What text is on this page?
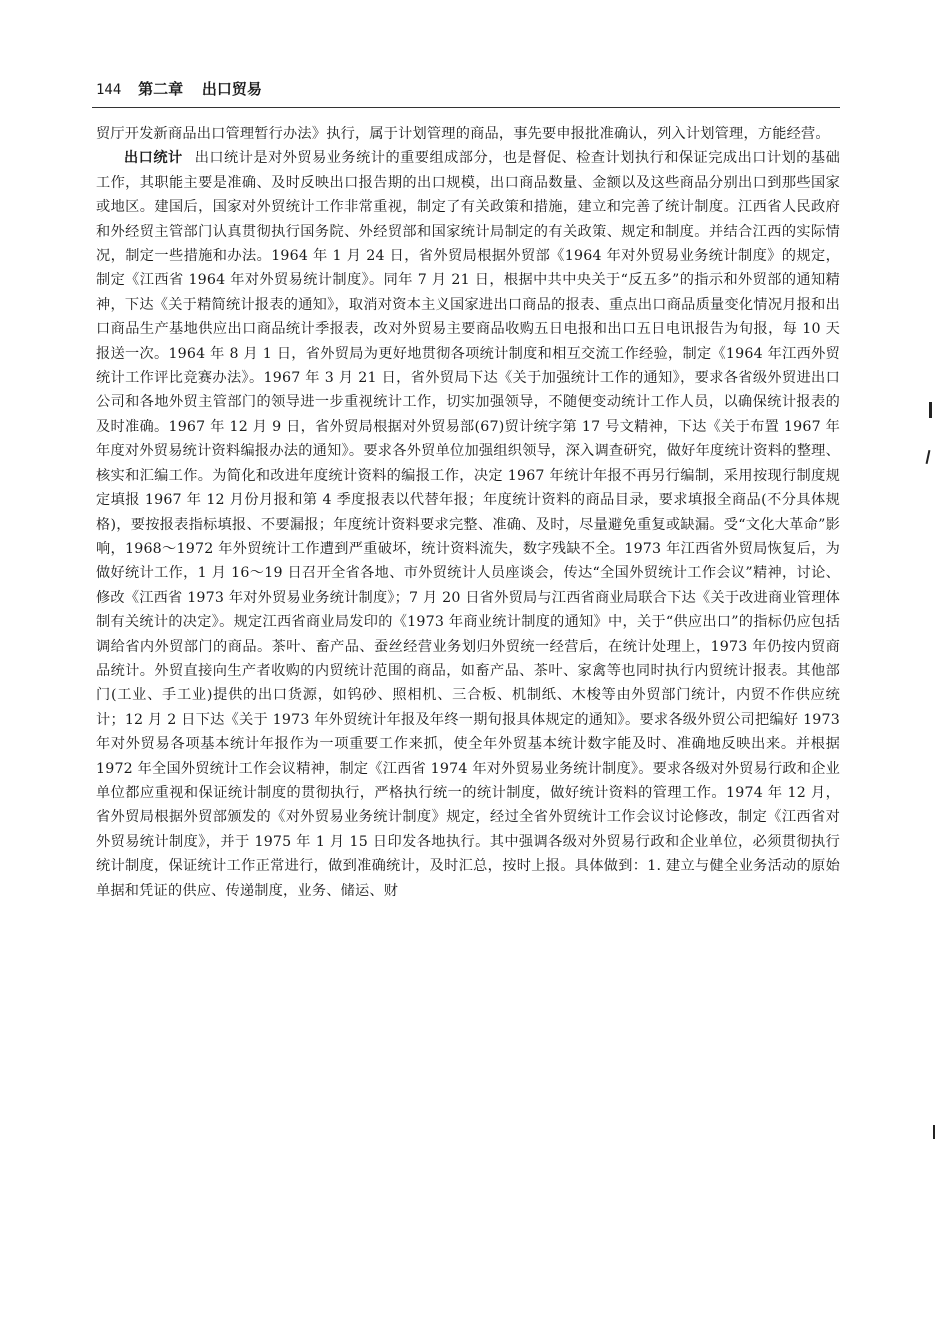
144 第二章 出口贸易

贸厅开发新商品出口管理暂行办法》执行，属于计划管理的商品，事先要申报批准确认，列入计划管理，方能经营。

出口统计 出口统计是对外贸易业务统计的重要组成部分，也是督促、检查计划执行和保证完成出口计划的基础工作，其职能主要是准确、及时反映出口报告期的出口规模，出口商品数量、金额以及这些商品分别出口到那些国家或地区。建国后，国家对外贸统计工作非常重视，制定了有关政策和措施，建立和完善了统计制度。江西省人民政府和外经贸主管部门认真贯彻执行国务院、外经贸部和国家统计局制定的有关政策、规定和制度。并结合江西的实际情况，制定一些措施和办法。1964 年 1 月 24 日，省外贸局根据外贸部《1964 年对外贸易业务统计制度》的规定，制定《江西省 1964 年对外贸易统计制度》。同年 7 月 21 日，根据中共中央关于“反五多”的指示和外贸部的通知精神，下达《关于精简统计报表的通知》，取消对资本主义国家进出口商品的报表、重点出口商品质量变化情况月报和出口商品生产基地供应出口商品统计季报表，改对外贸易主要商品收购五日电报和出口五日电讯报告为旬报，每 10 天报送一次。1964 年 8 月 1 日，省外贸局为更好地贯彻各项统计制度和相互交流工作经验，制定《1964 年江西外贸统计工作评比竞赛办法》。1967 年 3 月 21 日，省外贸局下达《关于加强统计工作的通知》，要求各省级外贸进出口公司和各地外贸主管部门的领导进一步重视统计工作，切实加强领导，不随便变动统计工作人员，以确保统计报表的及时准确。1967 年 12 月 9 日，省外贸局根据对外贸易部(67)贸计统字第 17 号文精神，下达《关于布置 1967 年年度对外贸易统计资料编报办法的通知》。要求各外贸单位加强组织领导，深入调查研究，做好年度统计资料的整理、核实和汇编工作。为简化和改进年度统计资料的编报工作，决定 1967 年统计年报不再另行编制，采用按现行制度规定填报 1967 年 12 月份月报和第 4 季度报表以代替年报；年度统计资料的商品目录，要求填报全商品(不分具体规格)，要按报表指标填报、不要漏报；年度统计资料要求完整、准确、及时，尽量避免重复或缺漏。受“文化大革命”影响，1968～1972 年外贸统计工作遭到严重破坏，统计资料流失，数字残缺不全。1973 年江西省外贸局恢复后，为做好统计工作，1 月 16～19 日召开全省各地、市外贸统计人员座谈会，传达“全国外贸统计工作会议”精神，讨论、修改《江西省 1973 年对外贸易业务统计制度》；7 月 20 日省外贸局与江西省商业局联合下达《关于改进商业管理体制有关统计的决定》。规定江西省商业局发印的《1973 年商业统计制度的通知》中，关于“供应出口”的指标仍应包括调给省内外贸部门的商品。茶叶、畜产品、蚕丝经营业务划归外贸统一经营后，在统计处理上，1973 年仍按内贸商品统计。外贸直接向生产者收购的内贸统计范围的商品，如畜产品、茶叶、家禽等也同时执行内贸统计报表。其他部门(工业、手工业)提供的出口货源，如钨砂、照相机、三合板、机制纸、木梭等由外贸部门统计，内贸不作供应统计；12 月 2 日下达《关于 1973 年外贸统计年报及年终一期旬报具体规定的通知》。要求各级外贸公司把编好 1973 年对外贸易各项基本统计年报作为一项重要工作来抓，使全年外贸基本统计数字能及时、准确地反映出来。并根据 1972 年全国外贸统计工作会议精神，制定《江西省 1974 年对外贸易业务统计制度》。要求各级对外贸易行政和企业单位都应重视和保证统计制度的贯彻执行，严格执行统一的统计制度，做好统计资料的管理工作。1974 年 12 月，省外贸局根据外贸部颁发的《对外贸易业务统计制度》规定，经过全省外贸统计工作会议讨论修改，制定《江西省对外贸易统计制度》，并于 1975 年 1 月 15 日印发各地执行。其中强调各级对外贸易行政和企业单位，必须贯彻执行统计制度，保证统计工作正常进行，做到准确统计，及时汇总，按时上报。具体做到：1. 建立与健全业务活动的原始单据和凭证的供应、传递制度，业务、储运、财
